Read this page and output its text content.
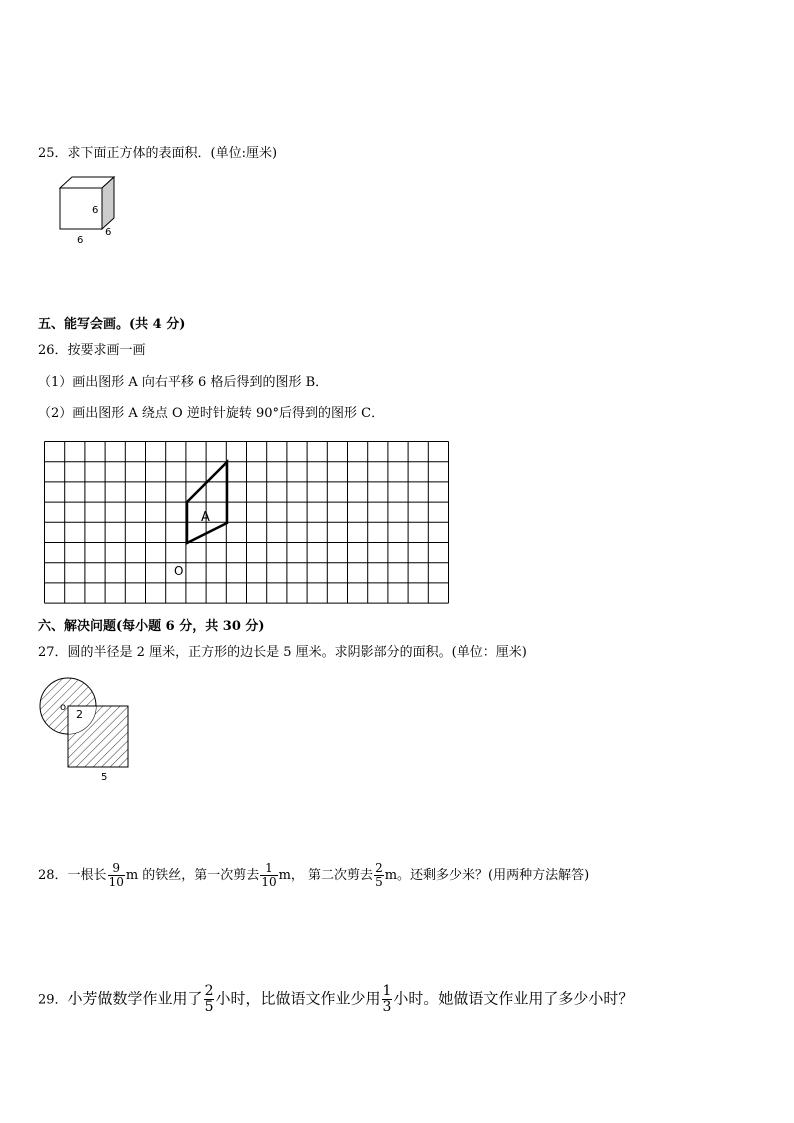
25．求下面正方体的表面积．(单位:厘米)
6
6
6
五、能写会画。(共 4 分)
26．按要求画一画
（1）画出图形 A 向右平移 6 格后得到的图形 B．
（2）画出图形 A 绕点 O 逆时针旋转 90°后得到的图形 C．
A
O
六、解决问题(每小题 6 分，共 30 分)
27．圆的半径是 2 厘米，正方形的边长是 5 厘米。求阴影部分的面积。(单位：厘米)
o
2
5
28．一根长 $\frac{9}{10}$ m 的铁丝，第一次剪去 $\frac{1}{10}$ m， 第二次剪去 $\frac{2}{5}$ m。还剩多少米？(用两种方法解答)
29．小芳做数学作业用了 $\frac{2}{5}$ 小时，比做语文作业少用 $\frac{1}{3}$ 小时。她做语文作业用了多少小时？
